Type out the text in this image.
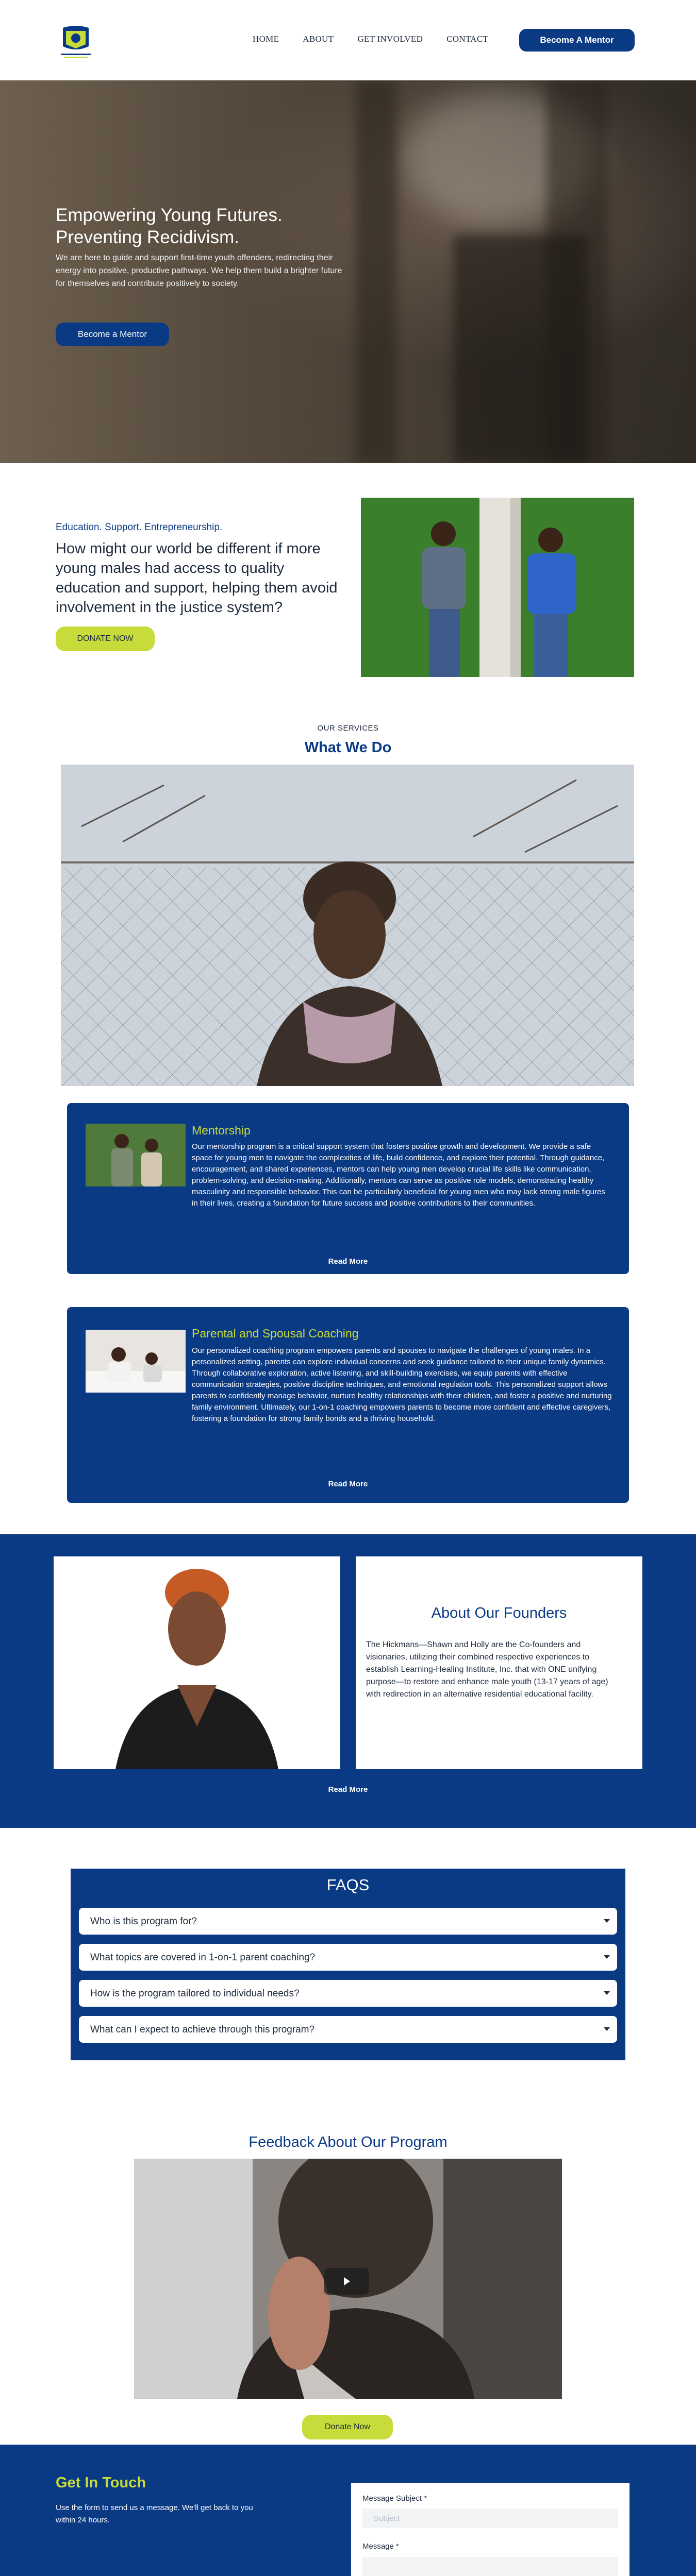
HOME	ABOUT	GET INVOLVED	CONTACT	Become A Mentor
Empowering Young Futures.
Preventing Recidivism.

We are here to guide and support first-time youth offenders, redirecting their energy into positive, productive pathways. We help them build a brighter future for themselves and contribute positively to society.

Become a Mentor
Education. Support. Entrepreneurship.
How might our world be different if more young males had access to quality education and support, helping them avoid involvement in the justice system?
DONATE NOW
OUR SERVICES
What We Do
Mentorship

Our mentorship program is a critical support system that fosters positive growth and development. We provide a safe space for young men to navigate the complexities of life, build confidence, and explore their potential. Through guidance, encouragement, and shared experiences, mentors can help young men develop crucial life skills like communication, problem-solving, and decision-making. Additionally, mentors can serve as positive role models, demonstrating healthy masculinity and responsible behavior. This can be particularly beneficial for young men who may lack strong male figures in their lives, creating a foundation for future success and positive contributions to their communities.

Read More
Parental and Spousal Coaching

Our personalized coaching program empowers parents and spouses to navigate the challenges of young males. In a personalized setting, parents can explore individual concerns and seek guidance tailored to their unique family dynamics. Through collaborative exploration, active listening, and skill-building exercises, we equip parents with effective communication strategies, positive discipline techniques, and emotional regulation tools. This personalized support allows parents to confidently manage behavior, nurture healthy relationships with their children, and foster a positive and nurturing family environment. Ultimately, our 1-on-1 coaching empowers parents to become more confident and effective caregivers, fostering a foundation for strong family bonds and a thriving household.

Read More
About Our Founders

The Hickmans—Shawn and Holly are the Co-founders and visionaries, utilizing their combined respective experiences to establish Learning-Healing Institute, Inc. that with ONE unifying purpose—to restore and enhance male youth (13-17 years of age) with redirection in an alternative residential educational facility.

Read More
FAQS
Who is this program for?
What topics are covered in 1-on-1 parent coaching?
How is the program tailored to individual needs?
What can I expect to achieve through this program?
Feedback About Our Program
Donate Now
Get In Touch
Use the form to send us a message. We'll get back to you within 24 hours.
Message Subject *
Subject
Message *
